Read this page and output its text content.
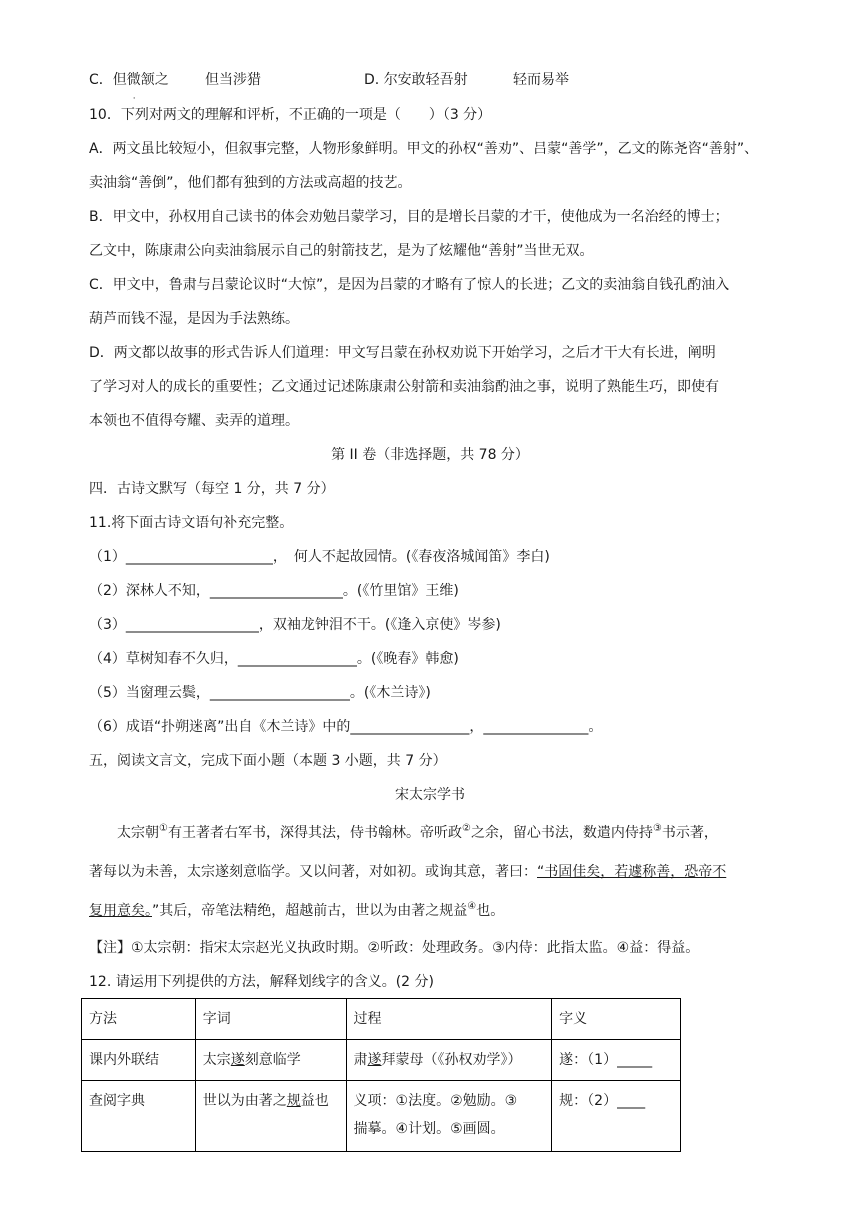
C．但微
·
颔之	但当涉猎	D. 尔安敢轻吾射	轻而易举
10．下列对两文的理解和评析，不正确的一项是（　　）（3 分）
A．两文虽比较短小，但叙事完整，人物形象鲜明。甲文的孙权“善劝”、吕蒙“善学”，乙文的陈尧咨“善射”、
卖油翁“善倒”，他们都有独到的方法或高超的技艺。
B．甲文中，孙权用自己读书的体会劝勉吕蒙学习，目的是增长吕蒙的才干，使他成为一名治经的博士；
乙文中，陈康肃公向卖油翁展示自己的射箭技艺，是为了炫耀他“善射”当世无双。
C．甲文中，鲁肃与吕蒙论议时“大惊”，是因为吕蒙的才略有了惊人的长进；乙文的卖油翁自钱孔酌油入
葫芦而钱不湿，是因为手法熟练。
D．两文都以故事的形式告诉人们道理：甲文写吕蒙在孙权劝说下开始学习，之后才干大有长进，阐明
了学习对人的成长的重要性；乙文通过记述陈康肃公射箭和卖油翁酌油之事，说明了熟能生巧，即使有
本领也不值得夸耀、卖弄的道理。
第 II 卷（非选择题，共 78 分）
四．古诗文默写（每空 1 分，共 7 分）
11.将下面古诗文语句补充完整。
（1）_____________________，　何人不起故园情。(《春夜洛城闻笛》李白)
（2）深林人不知，___________________。(《竹里馆》王维)
（3）___________________，双袖龙钟泪不干。(《逢入京使》岑参)
（4）草树知春不久归，_________________。(《晚春》韩愈)
（5）当窗理云鬓，____________________。(《木兰诗》)
（6）成语“扑朔迷离”出自《木兰诗》中的_________________，_______________。
五，阅读文言文，完成下面小题（本题 3 小题，共 7 分）
宋太宗学书
太宗朝①有王著者右军书，深得其法，侍书翰林。帝听政②之余，留心书法，数遣内侍持③书示著，
著每以为未善，太宗遂刻意临学。又以问著，对如初。或询其意，著曰：“书固佳矣，若遽称善，恐帝不
复用意矣。”其后，帝笔法精绝，超越前古，世以为由著之规益④也。
【注】①太宗朝：指宋太宗赵光义执政时期。②听政：处理政务。③内侍：此指太监。④益：得益。
12. 请运用下列提供的方法，解释划线字的含义。(2 分)
方法	字词	过程	字义
课内外联结	太宗遂刻意临学	肃遂拜蒙母（《孙权劝学》）	遂：（1）_____
查阅字典	世以为由著之规益也	义项：①法度。②勉励。③
揣摹。④计划。⑤画圆。	规：（2）____
